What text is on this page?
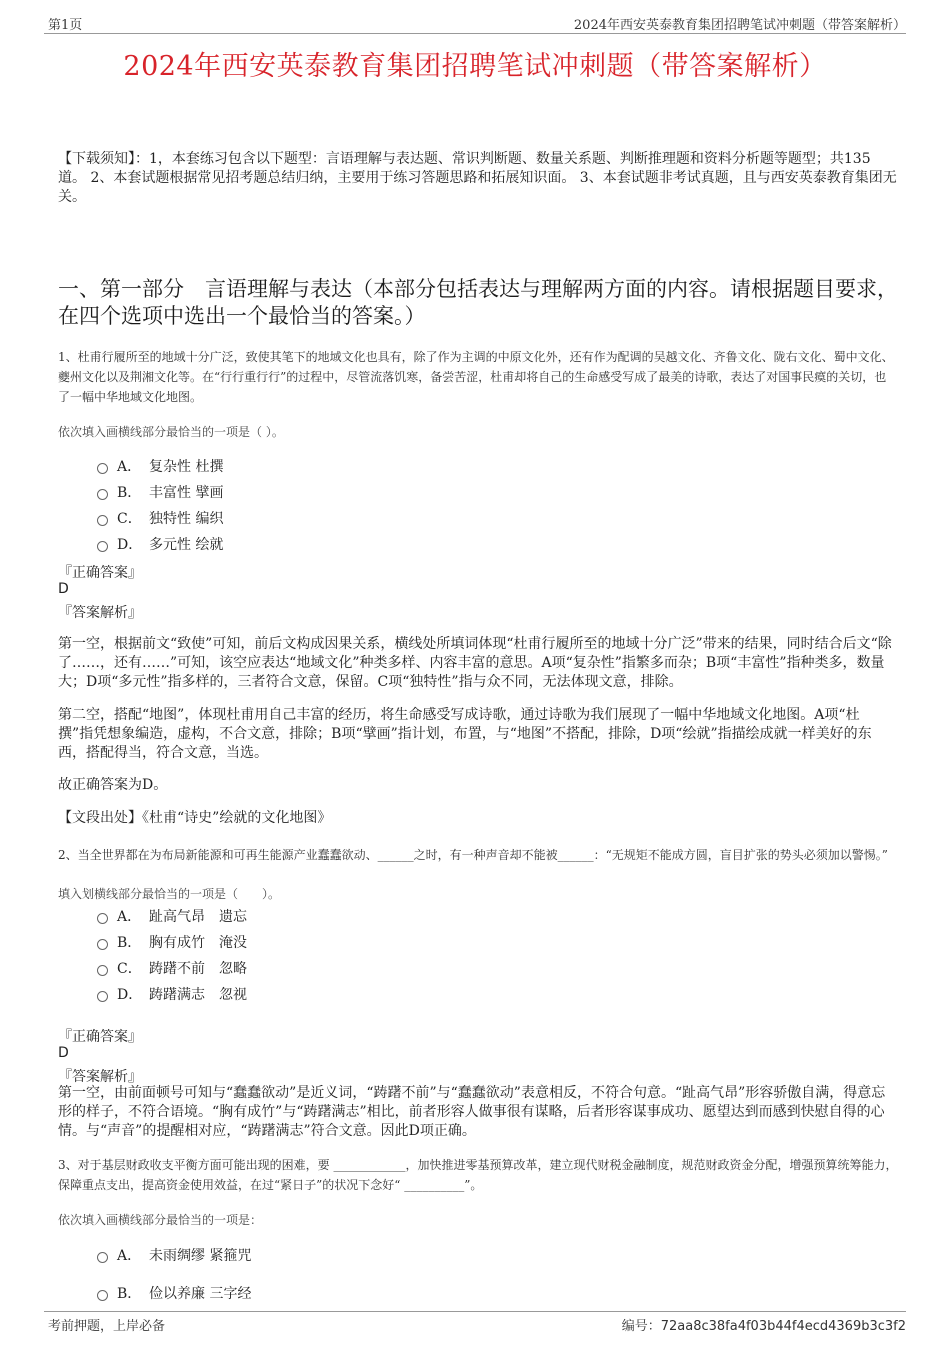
第1页	2024年西安英泰教育集团招聘笔试冲刺题（带答案解析）
2024年西安英泰教育集团招聘笔试冲刺题（带答案解析）
【下载须知】：1，本套练习包含以下题型：言语理解与表达题、常识判断题、数量关系题、判断推理题和资料分析题等题型；共135道。 2、本套试题根据常见招考题总结归纳，主要用于练习答题思路和拓展知识面。 3、本套试题非考试真题，且与西安英泰教育集团无关。
一、第一部分　言语理解与表达（本部分包括表达与理解两方面的内容。请根据题目要求，在四个选项中选出一个最恰当的答案。）
1、杜甫行履所至的地域十分广泛，致使其笔下的地域文化也具有，除了作为主调的中原文化外，还有作为配调的吴越文化、齐鲁文化、陇右文化、蜀中文化、夔州文化以及荆湘文化等。在“行行重行行”的过程中，尽管流落饥寒，备尝苦涩，杜甫却将自己的生命感受写成了最美的诗歌，表达了对国事民瘼的关切，也 了一幅中华地域文化地图。
依次填入画横线部分最恰当的一项是（ ）。
A． 复杂性 杜撰
B． 丰富性 擘画
C． 独特性 编织
D． 多元性 绘就
『正确答案』
D
『答案解析』
第一空，根据前文“致使”可知，前后文构成因果关系，横线处所填词体现“杜甫行履所至的地域十分广泛”带来的结果，同时结合后文“除了……，还有……”可知，该空应表达“地域文化”种类多样、内容丰富的意思。A项“复杂性”指繁多而杂；B项“丰富性”指种类多，数量大；D项“多元性”指多样的，三者符合文意，保留。C项“独特性”指与众不同，无法体现文意，排除。
第二空，搭配“地图”，体现杜甫用自己丰富的经历，将生命感受写成诗歌，通过诗歌为我们展现了一幅中华地域文化地图。A项“杜撰”指凭想象编造，虚构，不合文意，排除；B项“擘画”指计划，布置，与“地图”不搭配，排除，D项“绘就”指描绘成就一样美好的东西，搭配得当，符合文意，当选。
故正确答案为D。
【文段出处】《杜甫“诗史”绘就的文化地图》
2、当全世界都在为布局新能源和可再生能源产业蠢蠢欲动、______之时，有一种声音却不能被______：“无规矩不能成方圆，盲目扩张的势头必须加以警惕。”
填入划横线部分最恰当的一项是（　　）。
A． 趾高气昂　遗忘
B． 胸有成竹　淹没
C． 踌躇不前　忽略
D． 踌躇满志　忽视
『正确答案』
D
『答案解析』
第一空，由前面顿号可知与“蠢蠢欲动”是近义词，“踌躇不前”与“蠢蠢欲动”表意相反，不符合句意。“趾高气昂”形容骄傲自满，得意忘形的样子，不符合语境。“胸有成竹”与“踌躇满志”相比，前者形容人做事很有谋略，后者形容谋事成功、愿望达到而感到快慰自得的心情。与“声音”的提醒相对应，“踌躇满志”符合文意。因此D项正确。
3、对于基层财政收支平衡方面可能出现的困难，要 ____________，加快推进零基预算改革，建立现代财税金融制度，规范财政资金分配，增强预算统筹能力，保障重点支出，提高资金使用效益，在过“紧日子”的状况下念好“ __________”。
依次填入画横线部分最恰当的一项是：
A． 未雨绸缪 紧箍咒
B． 俭以养廉 三字经
考前押题，上岸必备	编号：72aa8c38fa4f03b44f4ecd4369b3c3f2
